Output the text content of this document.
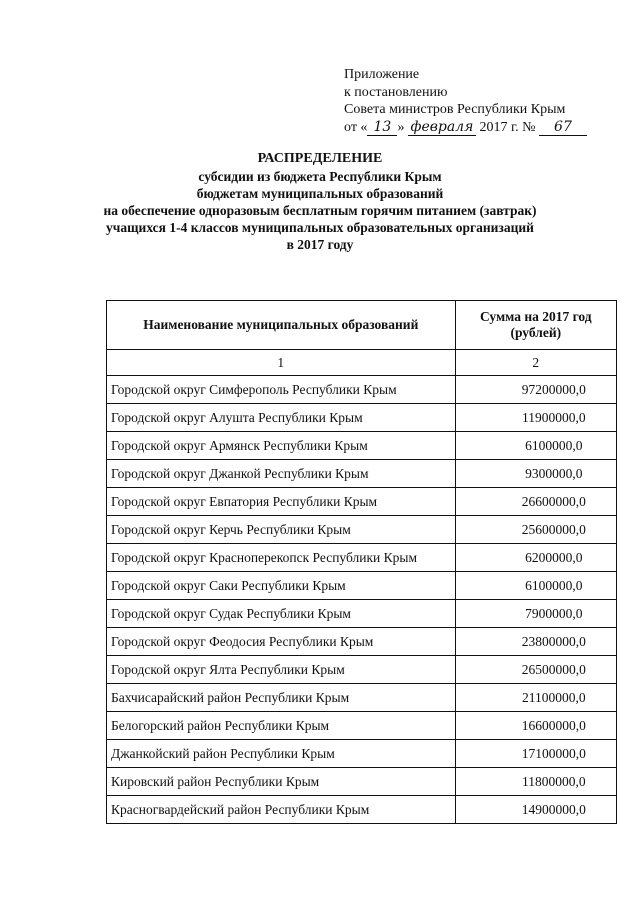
Приложение
к постановлению
Совета министров Республики Крым
от « 13 » февраля 2017 г. № 67
РАСПРЕДЕЛЕНИЕ
субсидии из бюджета Республики Крым
бюджетам муниципальных образований
на обеспечение одноразовым бесплатным горячим питанием (завтрак)
учащихся 1-4 классов муниципальных образовательных организаций
в 2017 году
Наименование муниципальных образований	Сумма на 2017 год (рублей)
1	2
Городской округ Симферополь Республики Крым	97200000,0
Городской округ Алушта Республики Крым	11900000,0
Городской округ Армянск Республики Крым	6100000,0
Городской округ Джанкой Республики Крым	9300000,0
Городской округ Евпатория Республики Крым	26600000,0
Городской округ Керчь Республики Крым	25600000,0
Городской округ Красноперекопск Республики Крым	6200000,0
Городской округ Саки Республики Крым	6100000,0
Городской округ Судак Республики Крым	7900000,0
Городской округ Феодосия Республики Крым	23800000,0
Городской округ Ялта Республики Крым	26500000,0
Бахчисарайский район Республики Крым	21100000,0
Белогорский район Республики Крым	16600000,0
Джанкойский район Республики Крым	17100000,0
Кировский район Республики Крым	11800000,0
Красногвардейский район Республики Крым	14900000,0
